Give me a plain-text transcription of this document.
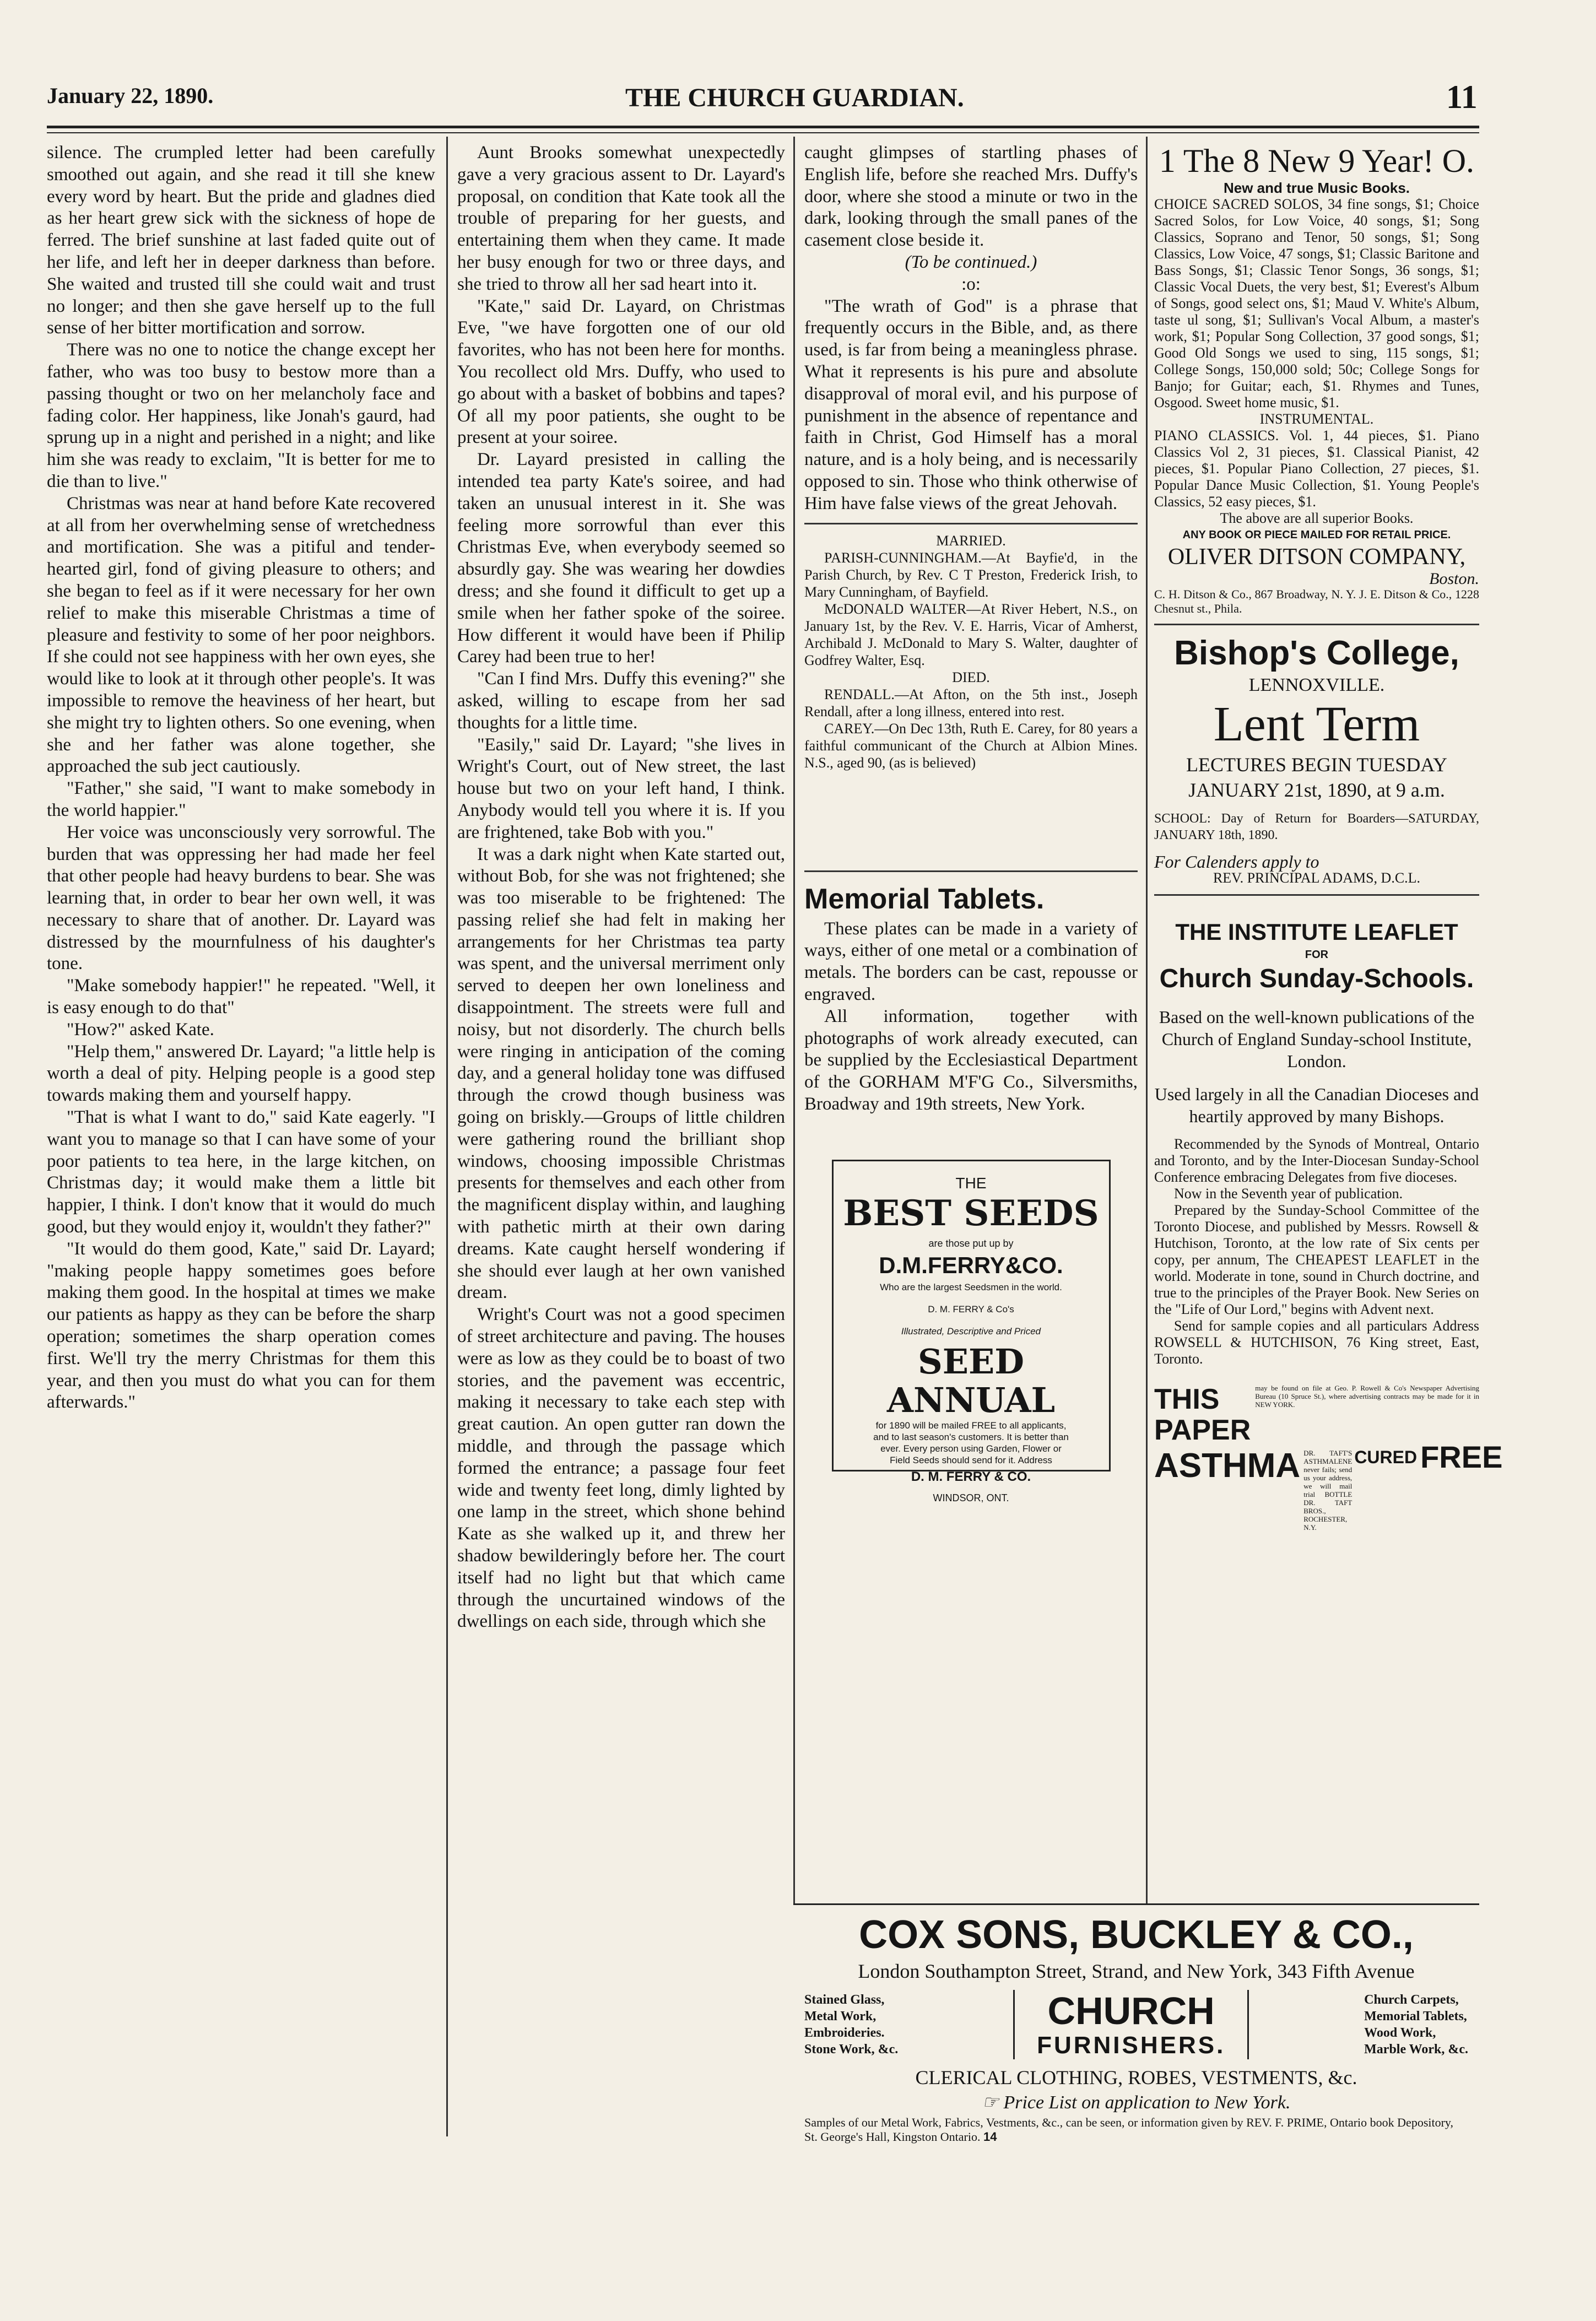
January 22, 1890.	THE CHURCH GUARDIAN.	11

silence. The crumpled letter had been carefully smoothed out again, and she read it till she knew every word by heart. But the pride and gladnes died as her heart grew sick with the sickness of hope de ferred. The brief sunshine at last faded quite out of her life, and left her in deeper darkness than before. She waited and trusted till she could wait and trust no longer; and then she gave herself up to the full sense of her bitter mortification and sorrow.

There was no one to notice the change except her father, who was too busy to bestow more than a passing thought or two on her melancholy face and fading color. Her happiness, like Jonah's gaurd, had sprung up in a night and perished in a night; and like him she was ready to exclaim, "It is better for me to die than to live."

Christmas was near at hand before Kate recovered at all from her overwhelming sense of wretchedness and mortification. She was a pitiful and tender-hearted girl, fond of giving pleasure to others; and she began to feel as if it were necessary for her own relief to make this miserable Christmas a time of pleasure and festivity to some of her poor neighbors. If she could not see happiness with her own eyes, she would like to look at it through other people's. It was impossible to remove the heaviness of her heart, but she might try to lighten others. So one evening, when she and her father was alone together, she approached the sub ject cautiously.

"Father," she said, "I want to make somebody in the world happier."

Her voice was unconsciously very sorrowful. The burden that was oppressing her had made her feel that other people had heavy burdens to bear. She was learning that, in order to bear her own well, it was necessary to share that of another. Dr. Layard was distressed by the mournfulness of his daughter's tone.

"Make somebody happier!" he repeated. "Well, it is easy enough to do that"

"How?" asked Kate.

"Help them," answered Dr. Layard; "a little help is worth a deal of pity. Helping people is a good step towards making them and yourself happy.

"That is what I want to do," said Kate eagerly. "I want you to manage so that I can have some of your poor patients to tea here, in the large kitchen, on Christmas day; it would make them a little bit happier, I think. I don't know that it would do much good, but they would enjoy it, wouldn't they father?"

"It would do them good, Kate," said Dr. Layard; "making people happy sometimes goes before making them good. In the hospital at times we make our patients as happy as they can be before the sharp operation; sometimes the sharp operation comes first. We'll try the merry Christmas for them this year, and then you must do what you can for them afterwards."

Aunt Brooks somewhat unexpectedly gave a very gracious assent to Dr. Layard's proposal, on condition that Kate took all the trouble of preparing for her guests, and entertaining them when they came. It made her busy enough for two or three days, and she tried to throw all her sad heart into it.

"Kate," said Dr. Layard, on Christmas Eve, "we have forgotten one of our old favorites, who has not been here for months. You recollect old Mrs. Duffy, who used to go about with a basket of bobbins and tapes? Of all my poor patients, she ought to be present at your soiree.

Dr. Layard presisted in calling the intended tea party Kate's soiree, and had taken an unusual interest in it. She was feeling more sorrowful than ever this Christmas Eve, when everybody seemed so absurdly gay. She was wearing her dowdies dress; and she found it difficult to get up a smile when her father spoke of the soiree. How different it would have been if Philip Carey had been true to her!

"Can I find Mrs. Duffy this evening?" she asked, willing to escape from her sad thoughts for a little time.

"Easily," said Dr. Layard; "she lives in Wright's Court, out of New street, the last house but two on your left hand, I think. Anybody would tell you where it is. If you are frightened, take Bob with you."

It was a dark night when Kate started out, without Bob, for she was not frightened; she was too miserable to be frightened: The passing relief she had felt in making her arrangements for her Christmas tea party was spent, and the universal merriment only served to deepen her own loneliness and disappointment. The streets were full and noisy, but not disorderly. The church bells were ringing in anticipation of the coming day, and a general holiday tone was diffused through the crowd though business was going on briskly.—Groups of little children were gathering round the brilliant shop windows, choosing impossible Christmas presents for themselves and each other from the magnificent display within, and laughing with pathetic mirth at their own daring dreams. Kate caught herself wondering if she should ever laugh at her own vanished dream.

Wright's Court was not a good specimen of street architecture and paving. The houses were as low as they could be to boast of two stories, and the pavement was eccentric, making it necessary to take each step with great caution. An open gutter ran down the middle, and through the passage which formed the entrance; a passage four feet wide and twenty feet long, dimly lighted by one lamp in the street, which shone behind Kate as she walked up it, and threw her shadow bewilderingly before her. The court itself had no light but that which came through the uncurtained windows of the dwellings on each side, through which she

caught glimpses of startling phases of English life, before she reached Mrs. Duffy's door, where she stood a minute or two in the dark, looking through the small panes of the casement close beside it.

(To be continued.)

:o:

"The wrath of God" is a phrase that frequently occurs in the Bible, and, as there used, is far from being a meaningless phrase. What it represents is his pure and absolute disapproval of moral evil, and his purpose of punishment in the absence of repentance and faith in Christ, God Himself has a moral nature, and is a holy being, and is necessarily opposed to sin. Those who think otherwise of Him have false views of the great Jehovah.

MARRIED.

PARISH-CUNNINGHAM.—At Bayfie'd, in the Parish Church, by Rev. C T Preston, Frederick Irish, to Mary Cunningham, of Bayfield.

McDONALD WALTER—At River Hebert, N.S., on January 1st, by the Rev. V. E. Harris, Vicar of Amherst, Archibald J. McDonald to Mary S. Walter, daughter of Godfrey Walter, Esq.

DIED.

RENDALL.—At Afton, on the 5th inst., Joseph Rendall, after a long illness, entered into rest.

CAREY.—On Dec 13th, Ruth E. Carey, for 80 years a faithful communicant of the Church at Albion Mines. N.S., aged 90, (as is believed)

Memorial Tablets.

These plates can be made in a variety of ways, either of one metal or a combination of metals. The borders can be cast, repousse or engraved.

All information, together with photographs of work already executed, can be supplied by the Ecclesiastical Department of the GORHAM M'F'G Co., Silversmiths, Broadway and 19th streets, New York.

THE
BEST SEEDS
are those put up by
D.M.FERRY&CO.
Who are the largest Seedsmen in the world.
D. M. FERRY & Co's
Illustrated, Descriptive and Priced
SEED ANNUAL
for 1890 will be mailed FREE to all applicants, and to last season's customers. It is better than ever. Every person using Garden, Flower or Field Seeds should send for it. Address
D. M. FERRY & CO.
WINDSOR, ONT.

1 The 8 New 9 Year! O.

New and true Music Books.

CHOICE SACRED SOLOS, 34 fine songs, $1; Choice Sacred Solos, for Low Voice, 40 songs, $1; Song Classics, Soprano and Tenor, 50 songs, $1; Song Classics, Low Voice, 47 songs, $1; Classic Baritone and Bass Songs, $1; Classic Tenor Songs, 36 songs, $1; Classic Vocal Duets, the very best, $1; Everest's Album of Songs, good select ons, $1; Maud V. White's Album, taste ul song, $1; Sullivan's Vocal Album, a master's work, $1; Popular Song Collection, 37 good songs, $1; Good Old Songs we used to sing, 115 songs, $1; College Songs, 150,000 sold; 50c; College Songs for Banjo; for Guitar; each, $1. Rhymes and Tunes, Osgood. Sweet home music, $1.

INSTRUMENTAL.

PIANO CLASSICS. Vol. 1, 44 pieces, $1. Piano Classics Vol 2, 31 pieces, $1. Classical Pianist, 42 pieces, $1. Popular Piano Collection, 27 pieces, $1. Popular Dance Music Collection, $1. Young People's Classics, 52 easy pieces, $1.

The above are all superior Books.

ANY BOOK OR PIECE MAILED FOR RETAIL PRICE.

OLIVER DITSON COMPANY,

Boston.

C. H. Ditson & Co., 867 Broadway, N. Y. J. E. Ditson & Co., 1228 Chesnut st., Phila.

Bishop's College,

LENNOXVILLE.

Lent Term

LECTURES BEGIN TUESDAY JANUARY 21st, 1890, at 9 a.m.

SCHOOL: Day of Return for Boarders—SATURDAY, JANUARY 18th, 1890.

For Calenders apply to

REV. PRINCIPAL ADAMS, D.C.L.

THE INSTITUTE LEAFLET

FOR

Church Sunday-Schools.

Based on the well-known publications of the Church of England Sunday-school Institute, London.

Used largely in all the Canadian Dioceses and heartily approved by many Bishops.

Recommended by the Synods of Montreal, Ontario and Toronto, and by the Inter-Diocesan Sunday-School Conference embracing Delegates from five dioceses.

Now in the Seventh year of publication.

Prepared by the Sunday-School Committee of the Toronto Diocese, and published by Messrs. Rowsell & Hutchison, Toronto, at the low rate of Six cents per copy, per annum, The CHEAPEST LEAFLET in the world. Moderate in tone, sound in Church doctrine, and true to the principles of the Prayer Book. New Series on the "Life of Our Lord," begins with Advent next.

Send for sample copies and all particulars Address ROWSELL & HUTCHISON, 76 King street, East, Toronto.

THIS PAPER
may be found on file at Geo. P. Rowell & Co's Newspaper Advertising Bureau (10 Spruce St.), where advertising contracts may be made for it in NEW YORK.
ASTHMA DR. TAFT'S ASTHMALENE never fails; send us your address, we will mail trial BOTTLE DR. TAFT BROS., ROCHESTER, N.Y.
CURED FREE
COX SONS, BUCKLEY & CO.,
London Southampton Street, Strand, and New York, 343 Fifth Avenue
Stained Glass,
Metal Work,
Embroideries.
Stone Work, &c.
CHURCH
FURNISHERS.
Church Carpets,
Memorial Tablets,
Wood Work,
Marble Work, &c.
CLERICAL CLOTHING, ROBES, VESTMENTS, &c.
☞ Price List on application to New York.
Samples of our Metal Work, Fabrics, Vestments, &c., can be seen, or information given by REV. F. PRIME, Ontario book Depository, St. George's Hall, Kingston Ontario. 14
